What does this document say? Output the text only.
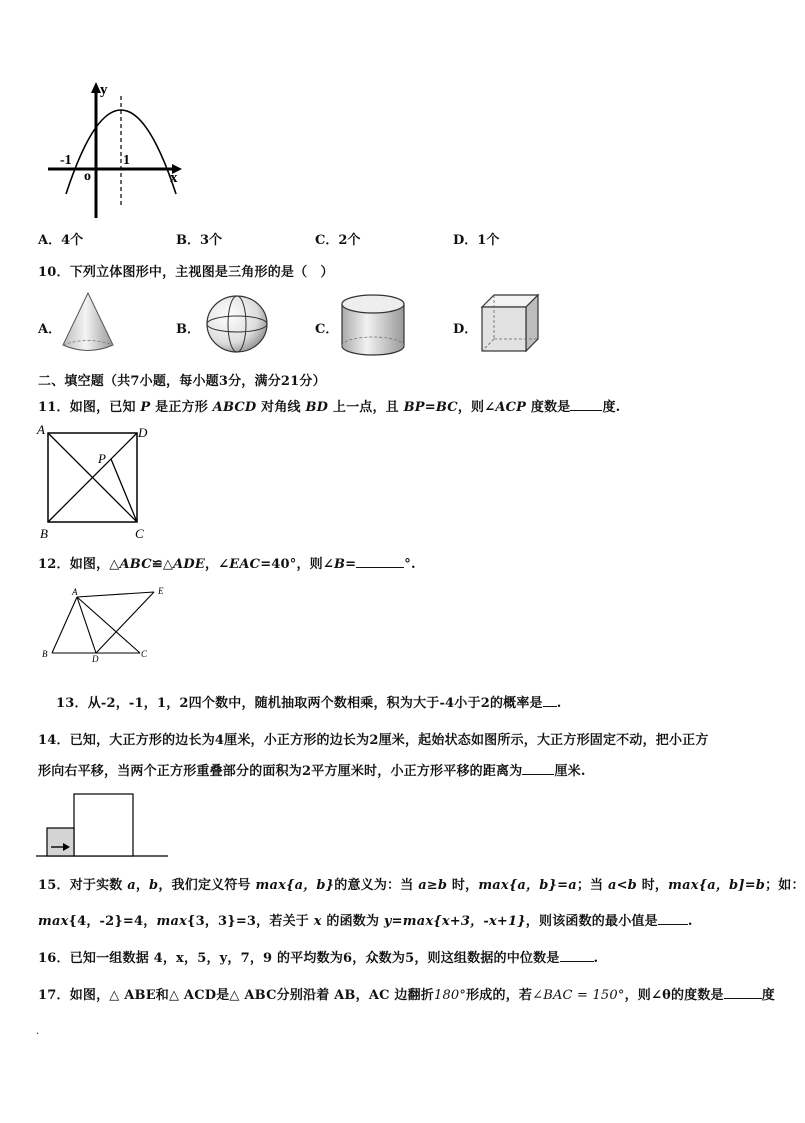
y
x
-1
o
1
A．4个	B．3个	C．2个	D．1个
10．下列立体图形中，主视图是三角形的是（　）
A．	B．	C．	D．
二、填空题（共7小题，每小题3分，满分21分）
11．如图，已知 P 是正方形 ABCD 对角线 BD 上一点，且 BP=BC，则∠ACP 度数是 度.
A	D
P
B	C
12．如图，△ABC≌△ADE，∠EAC=40°，则∠B=	°.
A	E
B	D	C
13．从-2，-1，1，2四个数中，随机抽取两个数相乘，积为大于-4小于2的概率是 .
14．已知，大正方形的边长为4厘米，小正方形的边长为2厘米，起始状态如图所示，大正方形固定不动，把小正方
形向右平移，当两个正方形重叠部分的面积为2平方厘米时，小正方形平移的距离为 厘米.
15．对于实数 a，b，我们定义符号 max{a，b}的意义为：当 a≥b 时，max{a，b}=a；当 a<b 时，max{a，b]=b；如：
max{4，-2}=4，max{3，3}=3，若关于 x 的函数为 y=max{x+3，-x+1}，则该函数的最小值是 .
16．已知一组数据 4，x，5，y，7，9 的平均数为6，众数为5，则这组数据的中位数是	.
17．如图，△ ABE和△ ACD是△ ABC分别沿着 AB，AC 边翻折180°形成的，若∠BAC = 150°，则∠θ的度数是	度
.
